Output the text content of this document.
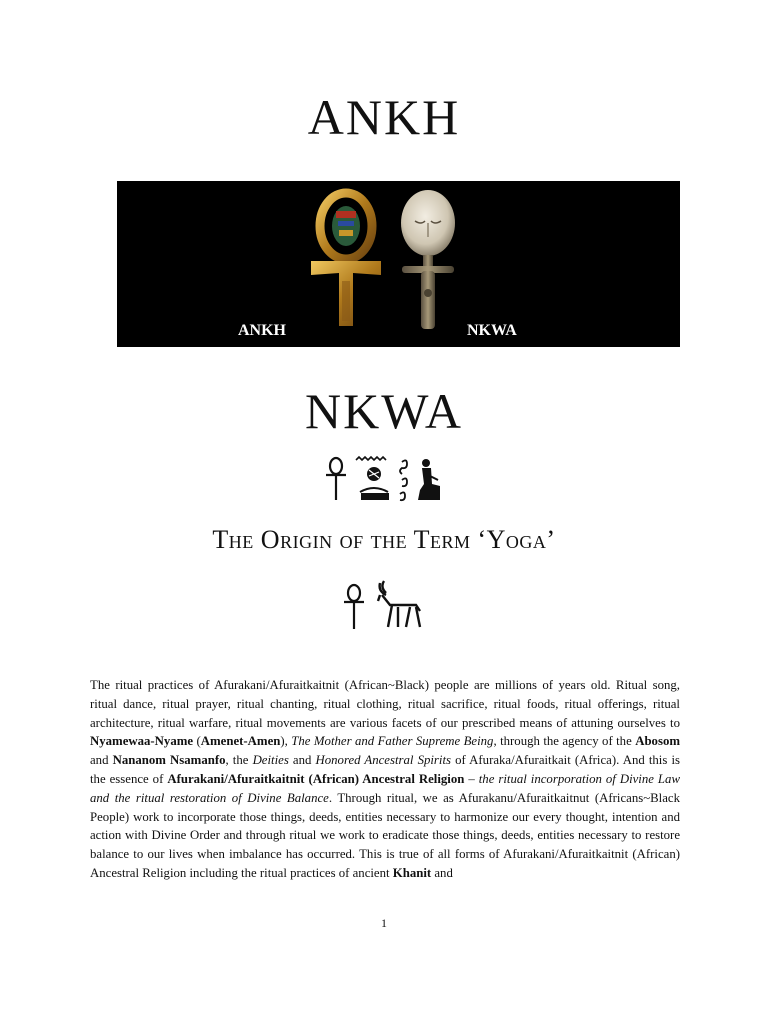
ANKH
ANKH	NKWA
NKWA
The Origin of the Term ‘Yoga’
The ritual practices of Afurakani/Afuraitkaitnit (African~Black) people are millions of years old. Ritual song, ritual dance, ritual prayer, ritual chanting, ritual clothing, ritual sacrifice, ritual foods, ritual offerings, ritual architecture, ritual warfare, ritual movements are various facets of our prescribed means of attuning ourselves to Nyamewaa-Nyame (Amenet-Amen), The Mother and Father Supreme Being, through the agency of the Abosom and Nananom Nsamanfo, the Deities and Honored Ancestral Spirits of Afuraka/Afuraitkait (Africa). And this is the essence of Afurakani/Afuraitkaitnit (African) Ancestral Religion – the ritual incorporation of Divine Law and the ritual restoration of Divine Balance. Through ritual, we as Afurakanu/Afuraitkaitnut (Africans~Black People) work to incorporate those things, deeds, entities necessary to harmonize our every thought, intention and action with Divine Order and through ritual we work to eradicate those things, deeds, entities necessary to restore balance to our lives when imbalance has occurred. This is true of all forms of Afurakani/Afuraitkaitnit (African) Ancestral Religion including the ritual practices of ancient Khanit and
1
